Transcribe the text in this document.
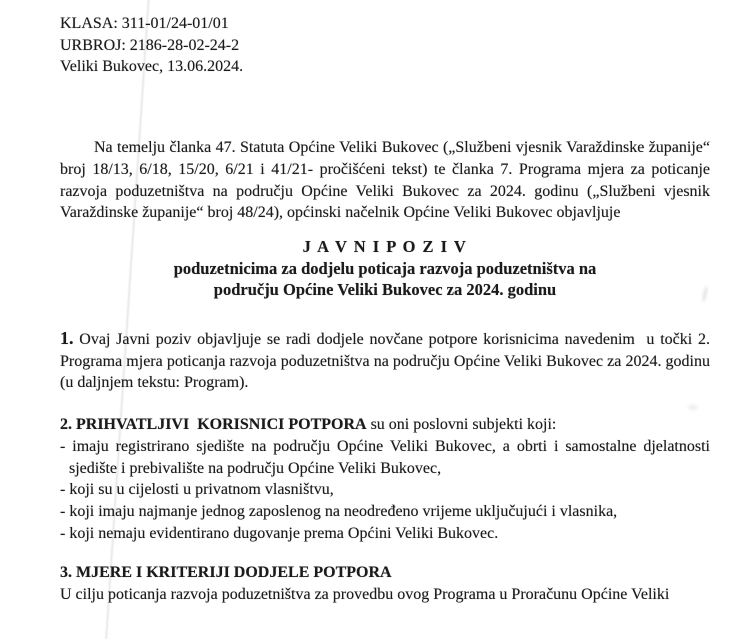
KLASA: 311-01/24-01/01
URBROJ: 2186-28-02-24-2
Veliki Bukovec, 13.06.2024.

Na temelju članka 47. Statuta Općine Veliki Bukovec („Službeni vjesnik Varaždinske županije“ broj 18/13, 6/18, 15/20, 6/21 i 41/21- pročišćeni tekst) te članka 7. Programa mjera za poticanje razvoja poduzetništva na području Općine Veliki Bukovec za 2024. godinu („Službeni vjesnik Varaždinske županije“ broj 48/24), općinski načelnik Općine Veliki Bukovec objavljuje

J A V N I P O Z I V
poduzetnicima za dodjelu poticaja razvoja poduzetništva na
području Općine Veliki Bukovec za 2024. godinu

1. Ovaj Javni poziv objavljuje se radi dodjele novčane potpore korisnicima navedenim  u točki 2. Programa mjera poticanja razvoja poduzetništva na području Općine Veliki Bukovec za 2024. godinu (u daljnjem tekstu: Program).

2. PRIHVATLJIVI  KORISNICI POTPORA su oni poslovni subjekti koji:

- imaju registrirano sjedište na području Općine Veliki Bukovec, a obrti i samostalne djelatnosti sjedište i prebivalište na području Općine Veliki Bukovec,

- koji su u cijelosti u privatnom vlasništvu,

- koji imaju najmanje jednog zaposlenog na neodređeno vrijeme uključujući i vlasnika,

- koji nemaju evidentirano dugovanje prema Općini Veliki Bukovec.

3. MJERE I KRITERIJI DODJELE POTPORA

U cilju poticanja razvoja poduzetništva za provedbu ovog Programa u Proračunu Općine Veliki
